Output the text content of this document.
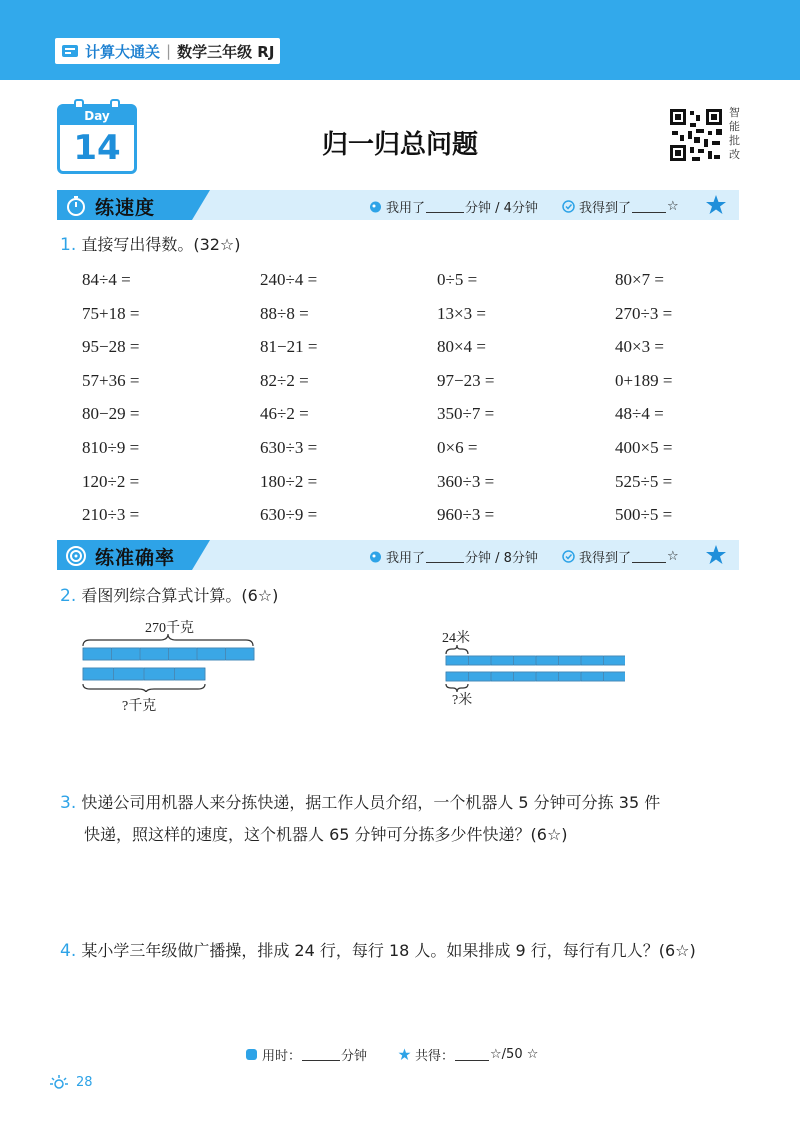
计算大通关 | 数学三年级 RJ
Day
14	归一归总问题
智能批改
练速度	我用了	分钟 / 4分钟	我得到了	☆
1. 直接写出得数。(32☆)
84÷4 =	240÷4 =	0÷5 =	80×7 =
75+18 =	88÷8 =	13×3 =	270÷3 =
95−28 =	81−21 =	80×4 =	40×3 =
57+36 =	82÷2 =	97−23 =	0+189 =
80−29 =	46÷2 =	350÷7 =	48÷4 =
810÷9 =	630÷3 =	0×6 =	400×5 =
120÷2 =	180÷2 =	360÷3 =	525÷5 =
210÷3 =	630÷9 =	960÷3 =	500÷5 =
练准确率	我用了	分钟 / 8分钟	我得到了	☆
2. 看图列综合算式计算。(6☆)
270千克
?千克
24米
?米
3. 快递公司用机器人来分拣快递，据工作人员介绍，一个机器人 5 分钟可分拣 35 件
快递，照这样的速度，这个机器人 65 分钟可分拣多少件快递？(6☆)
4. 某小学三年级做广播操，排成 24 行，每行 18 人。如果排成 9 行，每行有几人？(6☆)
用时：	分钟	共得：	☆/50 ☆
28
